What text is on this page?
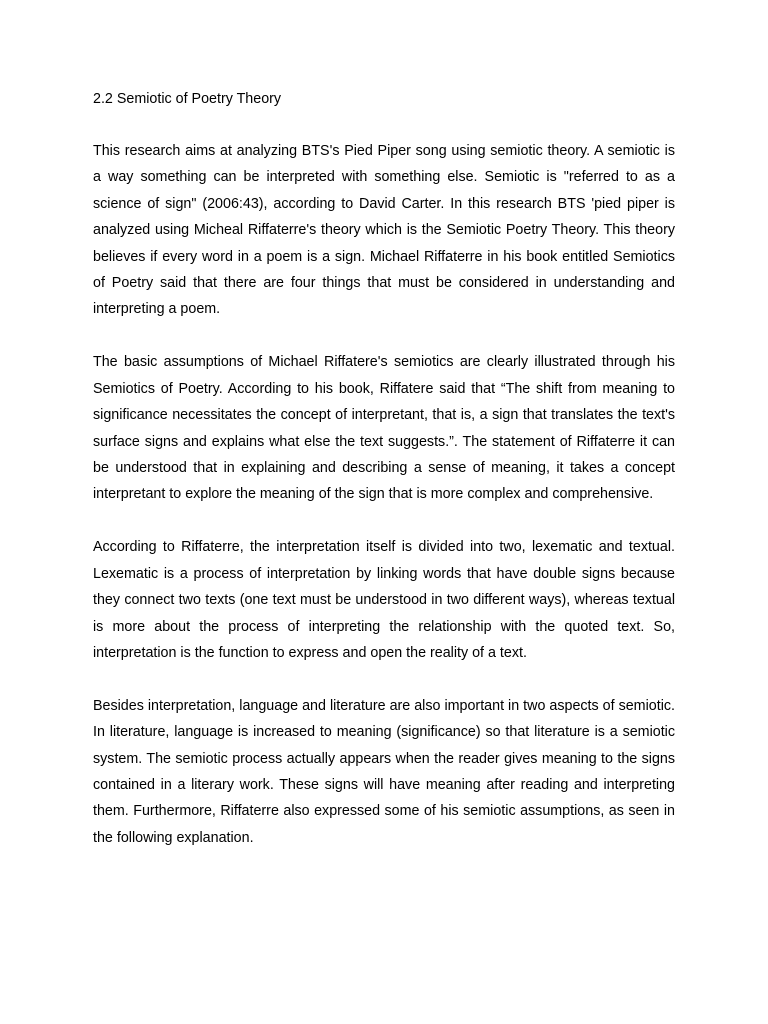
2.2 Semiotic of Poetry Theory

This research aims at analyzing BTS's Pied Piper song using semiotic theory. A semiotic is a way something can be interpreted with something else. Semiotic is "referred to as a science of sign" (2006:43), according to David Carter. In this research BTS 'pied piper is analyzed using Micheal Riffaterre's theory which is the Semiotic Poetry Theory. This theory believes if every word in a poem is a sign. Michael Riffaterre in his book entitled Semiotics of Poetry said that there are four things that must be considered in understanding and interpreting a poem.

The basic assumptions of Michael Riffatere's semiotics are clearly illustrated through his Semiotics of Poetry. According to his book, Riffatere said that “The shift from meaning to significance necessitates the concept of interpretant, that is, a sign that translates the text's surface signs and explains what else the text suggests.”. The statement of Riffaterre it can be understood that in explaining and describing a sense of meaning, it takes a concept interpretant to explore the meaning of the sign that is more complex and comprehensive.

According to Riffaterre, the interpretation itself is divided into two, lexematic and textual. Lexematic is a process of interpretation by linking words that have double signs because they connect two texts (one text must be understood in two different ways), whereas textual is more about the process of interpreting the relationship with the quoted text. So, interpretation is the function to express and open the reality of a text.

Besides interpretation, language and literature are also important in two aspects of semiotic. In literature, language is increased to meaning (significance) so that literature is a semiotic system. The semiotic process actually appears when the reader gives meaning to the signs contained in a literary work. These signs will have meaning after reading and interpreting them. Furthermore, Riffaterre also expressed some of his semiotic assumptions, as seen in the following explanation.
